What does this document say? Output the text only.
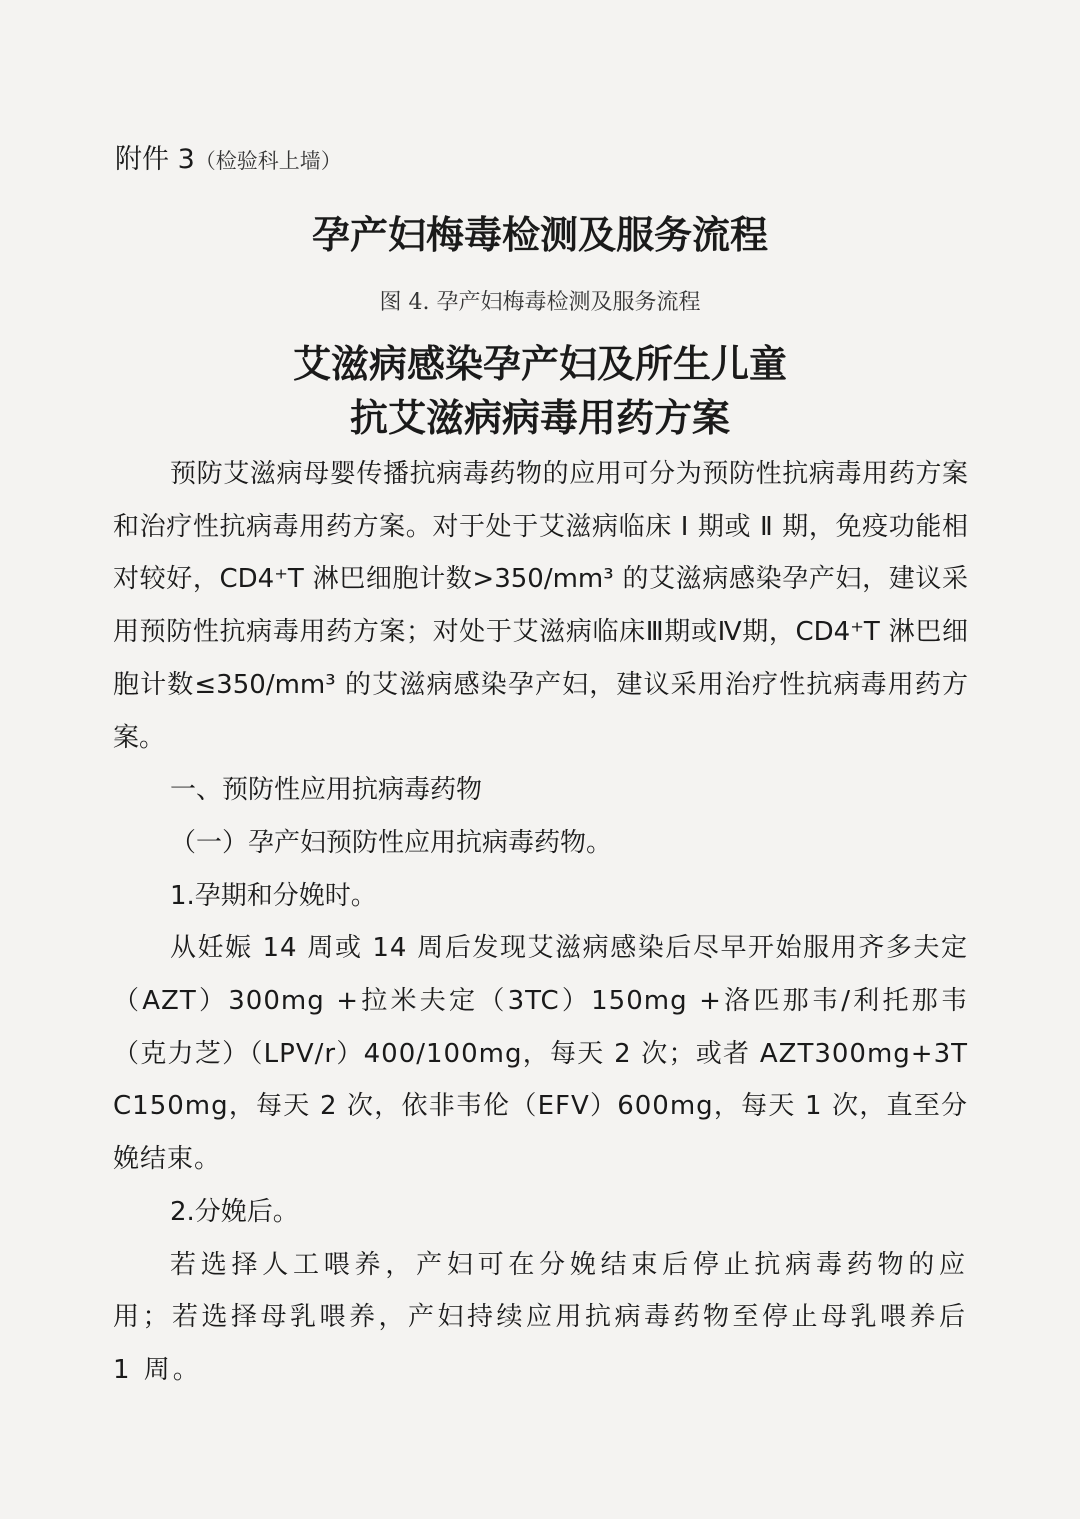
附件 3（检验科上墙）
孕产妇梅毒检测及服务流程
图 4. 孕产妇梅毒检测及服务流程
艾滋病感染孕产妇及所生儿童
抗艾滋病病毒用药方案

预防艾滋病母婴传播抗病毒药物的应用可分为预防性抗病毒用药方案和治疗性抗病毒用药方案。对于处于艾滋病临床 Ⅰ 期或 Ⅱ 期，免疫功能相对较好，CD4⁺T 淋巴细胞计数>350/mm³ 的艾滋病感染孕产妇，建议采用预防性抗病毒用药方案；对处于艾滋病临床Ⅲ期或Ⅳ期，CD4⁺T 淋巴细胞计数≤350/mm³ 的艾滋病感染孕产妇，建议采用治疗性抗病毒用药方案。

一、预防性应用抗病毒药物

（一）孕产妇预防性应用抗病毒药物。

1.孕期和分娩时。

从妊娠 14 周或 14 周后发现艾滋病感染后尽早开始服用齐多夫定（AZT）300mg +拉米夫定（3TC）150mg +洛匹那韦/利托那韦（克力芝）（LPV/r）400/100mg，每天 2 次；或者 AZT300mg+3TC150mg，每天 2 次，依非韦伦（EFV）600mg，每天 1 次，直至分娩结束。

2.分娩后。

若选择人工喂养，产妇可在分娩结束后停止抗病毒药物的应用；若选择母乳喂养，产妇持续应用抗病毒药物至停止母乳喂养后 1 周。
